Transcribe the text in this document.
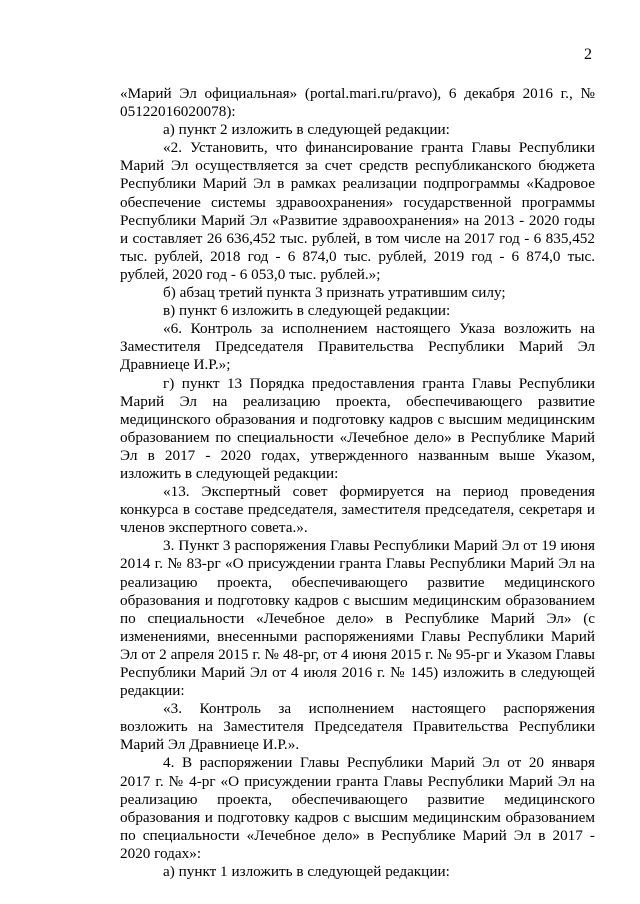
2

«Марий Эл официальная» (portal.mari.ru/pravo), 6 декабря 2016 г., № 05122016020078):

а) пункт 2 изложить в следующей редакции:

«2. Установить, что финансирование гранта Главы Республики Марий Эл осуществляется за счет средств республиканского бюджета Республики Марий Эл в рамках реализации подпрограммы «Кадровое обеспечение системы здравоохранения» государственной программы Республики Марий Эл «Развитие здравоохранения» на 2013 - 2020 годы и составляет 26 636,452 тыс. рублей, в том числе на 2017 год - 6 835,452 тыс. рублей, 2018 год - 6 874,0 тыс. рублей, 2019 год - 6 874,0 тыс. рублей, 2020 год - 6 053,0 тыс. рублей.»;

б) абзац третий пункта 3 признать утратившим силу;

в) пункт 6 изложить в следующей редакции:

«6. Контроль за исполнением настоящего Указа возложить на Заместителя Председателя Правительства Республики Марий Эл Дравниеце И.Р.»;

г) пункт 13 Порядка предоставления гранта Главы Республики Марий Эл на реализацию проекта, обеспечивающего развитие медицинского образования и подготовку кадров с высшим медицинским образованием по специальности «Лечебное дело» в Республике Марий Эл в 2017 - 2020 годах, утвержденного названным выше Указом, изложить в следующей редакции:

«13. Экспертный совет формируется на период проведения конкурса в составе председателя, заместителя председателя, секретаря и членов экспертного совета.».

3. Пункт 3 распоряжения Главы Республики Марий Эл от 19 июня 2014 г. № 83-рг «О присуждении гранта Главы Республики Марий Эл на реализацию проекта, обеспечивающего развитие медицинского образования и подготовку кадров с высшим медицинским образованием по специальности «Лечебное дело» в Республике Марий Эл» (с изменениями, внесенными распоряжениями Главы Республики Марий Эл от 2 апреля 2015 г. № 48-рг, от 4 июня 2015 г. № 95-рг и Указом Главы Республики Марий Эл от 4 июля 2016 г. № 145) изложить в следующей редакции:

«3. Контроль за исполнением настоящего распоряжения возложить на Заместителя Председателя Правительства Республики Марий Эл Дравниеце И.Р.».

4. В распоряжении Главы Республики Марий Эл от 20 января 2017 г. № 4-рг «О присуждении гранта Главы Республики Марий Эл на реализацию проекта, обеспечивающего развитие медицинского образования и подготовку кадров с высшим медицинским образованием по специальности «Лечебное дело» в Республике Марий Эл в 2017 - 2020 годах»:

а) пункт 1 изложить в следующей редакции:
